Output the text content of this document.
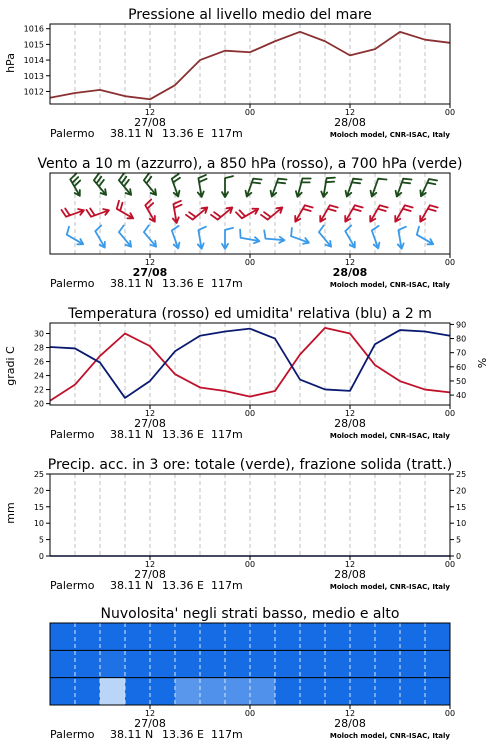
Pressione al livello medio del mare
Vento a 10 m (azzurro), a 850 hPa (rosso), a 700 hPa (verde)
Temperatura (rosso) ed umidita' relativa (blu) a 2 m
Precip. acc. in 3 ore: totale (verde), frazione solida (tratt.)
Nuvolosita' negli strati basso, medio e alto
hPa
gradi C	%
mm
1012
1013
1014
1015
1016
20
22
24
26
28
30
40
50
60
70
80
90
0
5
10
15
20
25
0
5
10
15
20
25
12	00	12	00
27/08	28/08
12	00	12	00
27/08	28/08
12	00	12	00
27/08	28/08
12	00	12	00
27/08	28/08
12	00	12	00
27/08	28/08
Palermo 38.11 N 13.36 E 117m	Moloch model, CNR-ISAC, Italy
Palermo 38.11 N 13.36 E 117m	Moloch model, CNR-ISAC, Italy
Palermo 38.11 N 13.36 E 117m	Moloch model, CNR-ISAC, Italy
Palermo 38.11 N 13.36 E 117m	Moloch model, CNR-ISAC, Italy
Palermo 38.11 N 13.36 E 117m	Moloch model, CNR-ISAC, Italy
